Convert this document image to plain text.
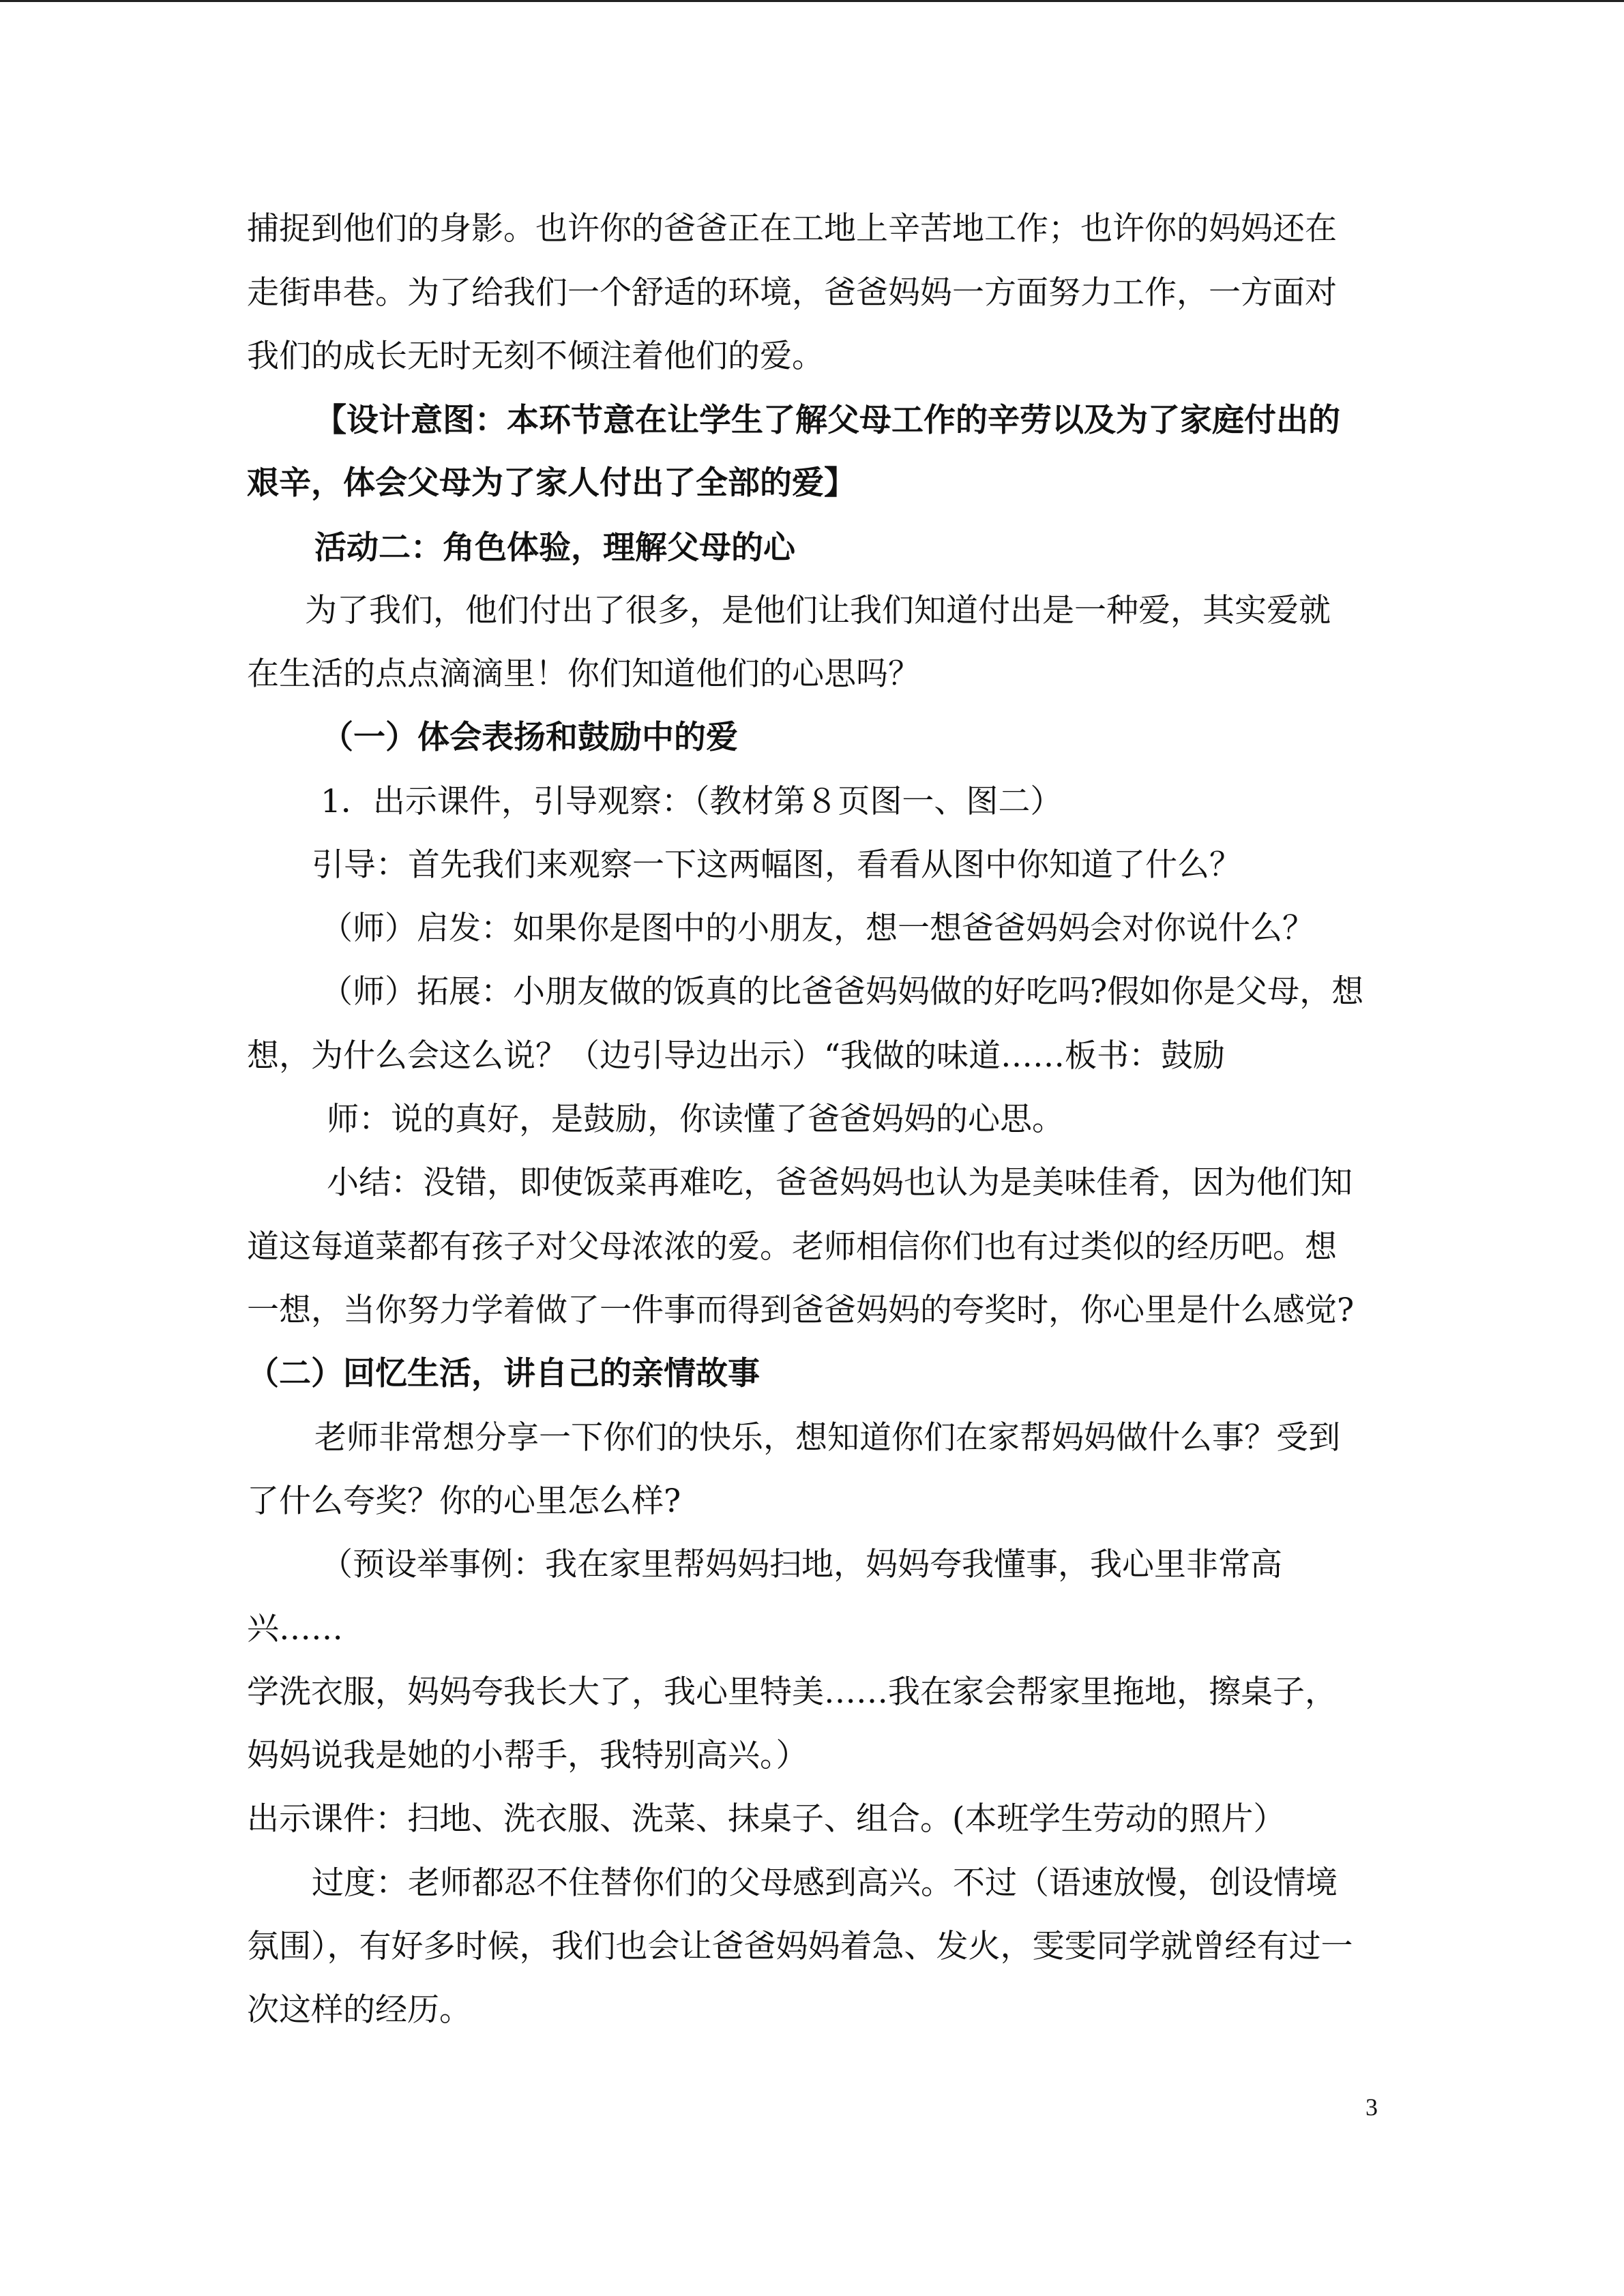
捕捉到他们的身影。也许你的爸爸正在工地上辛苦地工作；也许你的妈妈还在
走街串巷。为了给我们一个舒适的环境，爸爸妈妈一方面努力工作，一方面对
我们的成长无时无刻不倾注着他们的爱。
【设计意图：本环节意在让学生了解父母工作的辛劳以及为了家庭付出的
艰辛，体会父母为了家人付出了全部的爱】
活动二：角色体验，理解父母的心
为了我们，他们付出了很多，是他们让我们知道付出是一种爱，其实爱就
在生活的点点滴滴里！你们知道他们的心思吗？
（一）体会表扬和鼓励中的爱
1．出示课件，引导观察：（教材第８页图一、图二）
引导：首先我们来观察一下这两幅图，看看从图中你知道了什么？
（师）启发：如果你是图中的小朋友，想一想爸爸妈妈会对你说什么？
（师）拓展：小朋友做的饭真的比爸爸妈妈做的好吃吗?假如你是父母，想
想，为什么会这么说？（边引导边出示）“我做的味道……板书：鼓励
师：说的真好，是鼓励，你读懂了爸爸妈妈的心思。
小结：没错，即使饭菜再难吃，爸爸妈妈也认为是美味佳肴，因为他们知
道这每道菜都有孩子对父母浓浓的爱。老师相信你们也有过类似的经历吧。想
一想，当你努力学着做了一件事而得到爸爸妈妈的夸奖时，你心里是什么感觉?
（二）回忆生活，讲自己的亲情故事
老师非常想分享一下你们的快乐，想知道你们在家帮妈妈做什么事？受到
了什么夸奖？你的心里怎么样?
（预设举事例：我在家里帮妈妈扫地，妈妈夸我懂事，我心里非常高
兴……
学洗衣服，妈妈夸我长大了，我心里特美……我在家会帮家里拖地，擦桌子，
妈妈说我是她的小帮手，我特别高兴。）
出示课件：扫地、洗衣服、洗菜、抹桌子、组合。(本班学生劳动的照片）
过度：老师都忍不住替你们的父母感到高兴。不过（语速放慢，创设情境
氛围），有好多时候，我们也会让爸爸妈妈着急、发火，雯雯同学就曾经有过一
次这样的经历。
3
